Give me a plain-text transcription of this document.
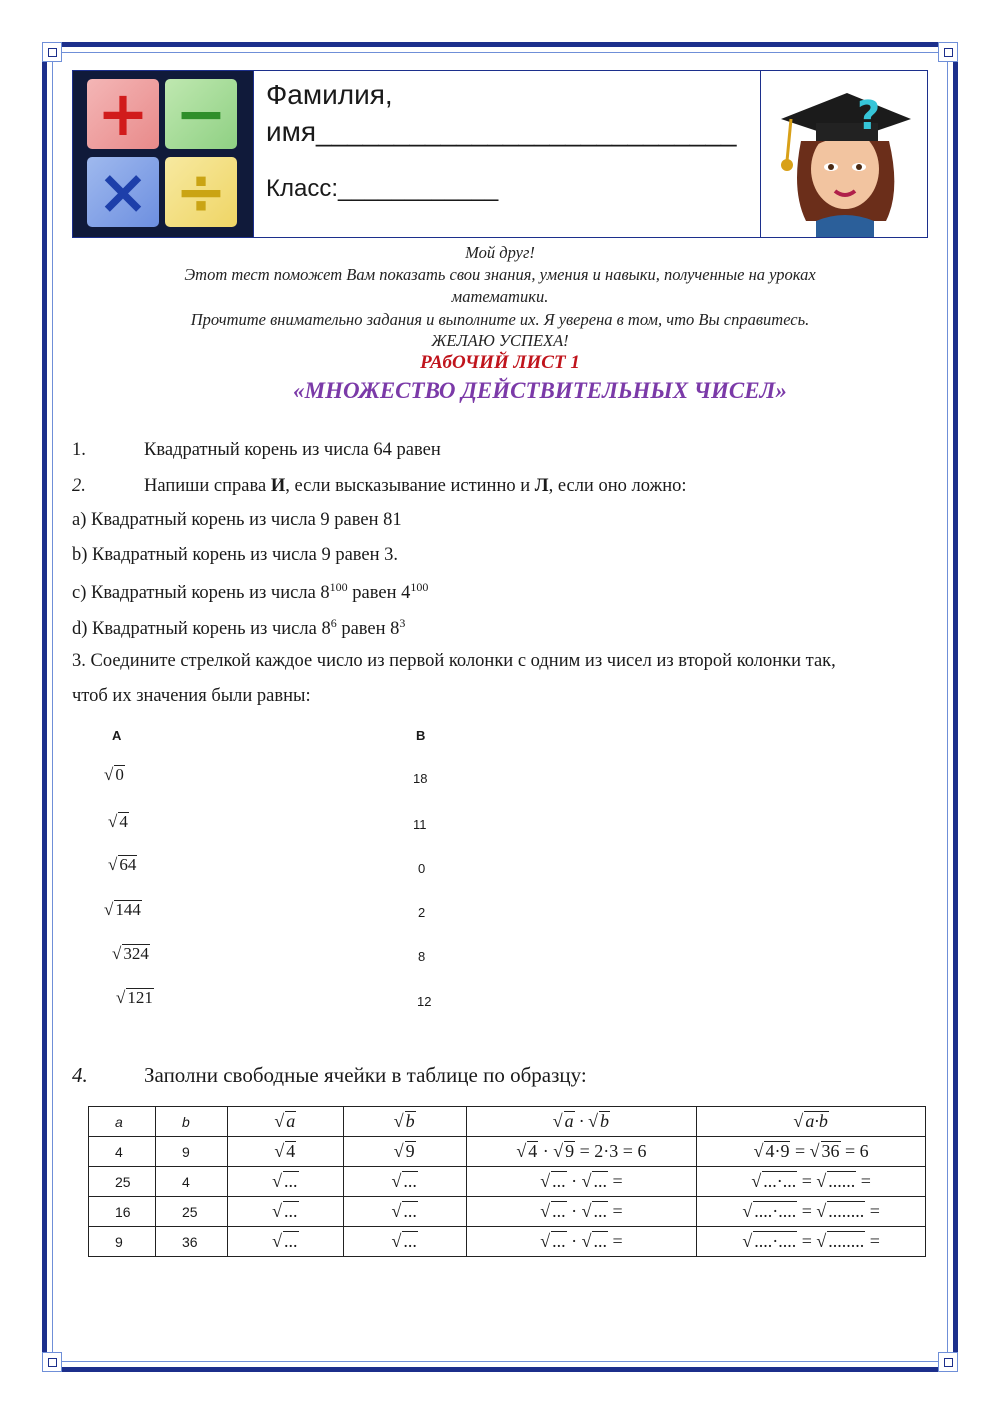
+ −
× ÷
Фамилия,
имя___________________________
Класс:____________
?
Мой друг!
Этот тест поможет Вам показать свои знания, умения и навыки, полученные на уроках
математики.
Прочтите внимательно задания и выполните их. Я уверена в том, что Вы справитесь.
ЖЕЛАЮ УСПЕХА!
РАбОЧИЙ ЛИСТ 1
«МНОЖЕСТВО ДЕЙСТВИТЕЛЬНЫХ ЧИСЕЛ»
1.	Квадратный корень из числа 64 равен
2.	Напиши справа И, если высказывание истинно и Л, если оно ложно:
а) Квадратный корень из числа 9 равен 81
b) Квадратный корень из числа 9 равен 3.
с) Квадратный корень из числа $8^{100}$ равен $4^{100}$
d) Квадратный корень из числа $8^6$ равен $8^3$
3. Соедините стрелкой каждое число из первой колонки с одним из чисел из второй колонки так,
чтоб их значения были равны:
A	B
√ 0
√ 4
√ 64
√ 144
√ 324
√ 121
18
11
0
2
8
12
4.	Заполни свободные ячейки в таблице по образцу:
a	b	√ a	√ b	√ a · √ b	√ a·b
4	9	√ 4	√ 9	√ 4 · √ 9 = 2·3 = 6	√ 4·9 = √ 36 = 6
25	4	√ ...	√ ...	√ ... · √ ... =	√ ...·... = √ ...... =
16	25	√ ...	√ ...	√ ... · √ ... =	√ ....·.... = √ ........ =
9	36	√ ...	√ ...	√ ... · √ ... =	√ ....·.... = √ ........ =
